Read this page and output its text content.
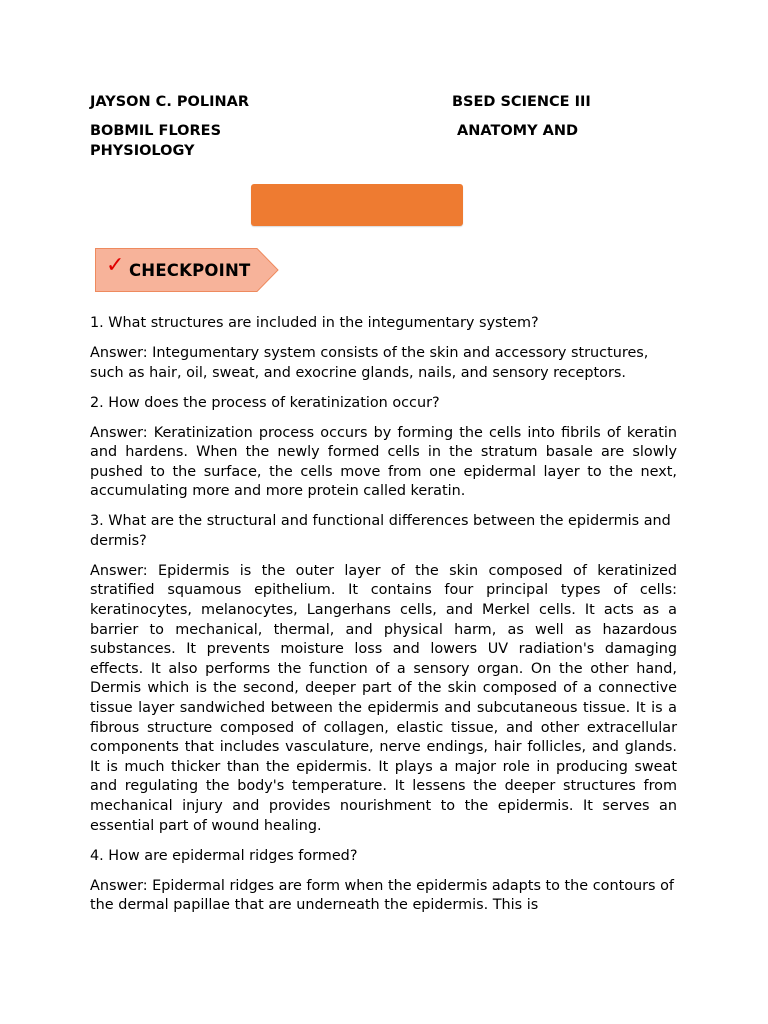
JAYSON C. POLINAR	BSED SCIENCE III
BOBMIL FLORES	ANATOMY AND
PHYSIOLOGY
✓ CHECKPOINT

1. What structures are included in the integumentary system?

Answer: Integumentary system consists of the skin and accessory structures, such as hair, oil, sweat, and exocrine glands, nails, and sensory receptors.

2. How does the process of keratinization occur?

Answer: Keratinization process occurs by forming the cells into fibrils of keratin and hardens. When the newly formed cells in the stratum basale are slowly pushed to the surface, the cells move from one epidermal layer to the next, accumulating more and more protein called keratin.

3. What are the structural and functional differences between the epidermis and dermis?

Answer: Epidermis is the outer layer of the skin composed of keratinized stratified squamous epithelium. It contains four principal types of cells: keratinocytes, melanocytes, Langerhans cells, and Merkel cells. It acts as a barrier to mechanical, thermal, and physical harm, as well as hazardous substances. It prevents moisture loss and lowers UV radiation's damaging effects. It also performs the function of a sensory organ. On the other hand, Dermis which is the second, deeper part of the skin composed of a connective tissue layer sandwiched between the epidermis and subcutaneous tissue. It is a fibrous structure composed of collagen, elastic tissue, and other extracellular components that includes vasculature, nerve endings, hair follicles, and glands. It is much thicker than the epidermis. It plays a major role in producing sweat and regulating the body's temperature. It lessens the deeper structures from mechanical injury and provides nourishment to the epidermis. It serves an essential part of wound healing.

4. How are epidermal ridges formed?

Answer: Epidermal ridges are form when the epidermis adapts to the contours of the dermal papillae that are underneath the epidermis. This is
